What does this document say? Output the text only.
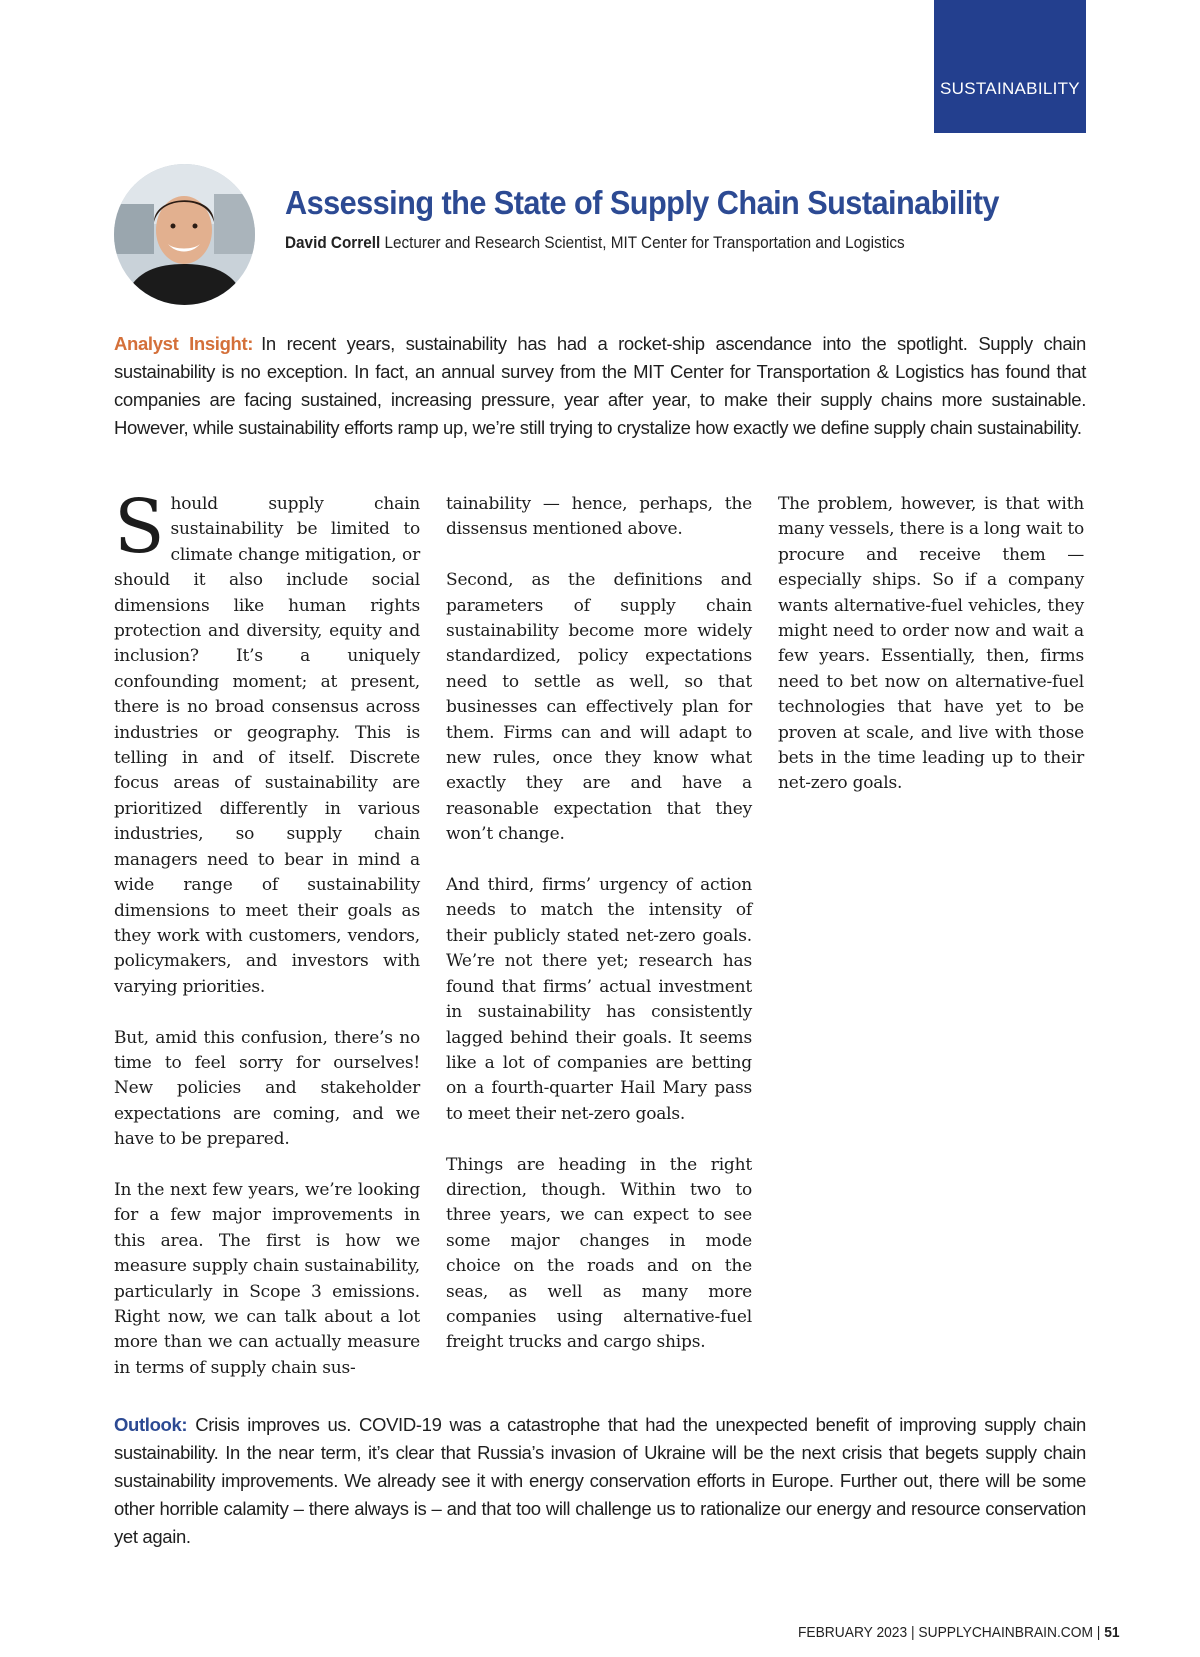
SUSTAINABILITY
Assessing the State of Supply Chain Sustainability
David Correll Lecturer and Research Scientist, MIT Center for Transportation and Logistics
Analyst Insight: In recent years, sustainability has had a rocket-ship ascendance into the spotlight. Supply chain sustainability is no exception. In fact, an annual survey from the MIT Center for Transportation & Logistics has found that companies are facing sustained, increasing pressure, year after year, to make their supply chains more sustainable. However, while sustainability efforts ramp up, we’re still trying to crystalize how exactly we define supply chain sustainability.

Should supply chain sustainability be limited to climate change mitigation, or should it also include social dimensions like human rights protection and diversity, equity and inclusion? It’s a uniquely confounding moment; at present, there is no broad consensus across industries or geography. This is telling in and of itself. Discrete focus areas of sustainability are prioritized differently in various industries, so supply chain managers need to bear in mind a wide range of sustainability dimensions to meet their goals as they work with customers, vendors, policymakers, and investors with varying priorities.

But, amid this confusion, there’s no time to feel sorry for ourselves! New policies and stakeholder expectations are coming, and we have to be prepared.

In the next few years, we’re looking for a few major improvements in this area. The first is how we measure supply chain sustainability, particularly in Scope 3 emissions. Right now, we can talk about a lot more than we can actually measure in terms of supply chain sus-

tainability — hence, perhaps, the dissensus mentioned above.

Second, as the definitions and parameters of supply chain sustainability become more widely standardized, policy expectations need to settle as well, so that businesses can effectively plan for them. Firms can and will adapt to new rules, once they know what exactly they are and have a reasonable expectation that they won’t change.

And third, firms’ urgency of action needs to match the intensity of their publicly stated net-zero goals. We’re not there yet; research has found that firms’ actual investment in sustainability has consistently lagged behind their goals. It seems like a lot of companies are betting on a fourth-quarter Hail Mary pass to meet their net-zero goals.

Things are heading in the right direction, though. Within two to three years, we can expect to see some major changes in mode choice on the roads and on the seas, as well as many more companies using alternative-fuel freight trucks and cargo ships.

The problem, however, is that with many vessels, there is a long wait to procure and receive them —especially ships. So if a company wants alternative-fuel vehicles, they might need to order now and wait a few years. Essentially, then, firms need to bet now on alternative-fuel technologies that have yet to be proven at scale, and live with those bets in the time leading up to their net-zero goals.

Outlook: Crisis improves us. COVID-19 was a catastrophe that had the unexpected benefit of improving supply chain sustainability. In the near term, it’s clear that Russia’s invasion of Ukraine will be the next crisis that begets supply chain sustainability improvements. We already see it with energy conservation efforts in Europe. Further out, there will be some other horrible calamity – there always is – and that too will challenge us to rationalize our energy and resource conservation yet again.
FEBRUARY 2023 | SUPPLYCHAINBRAIN.COM | 51
